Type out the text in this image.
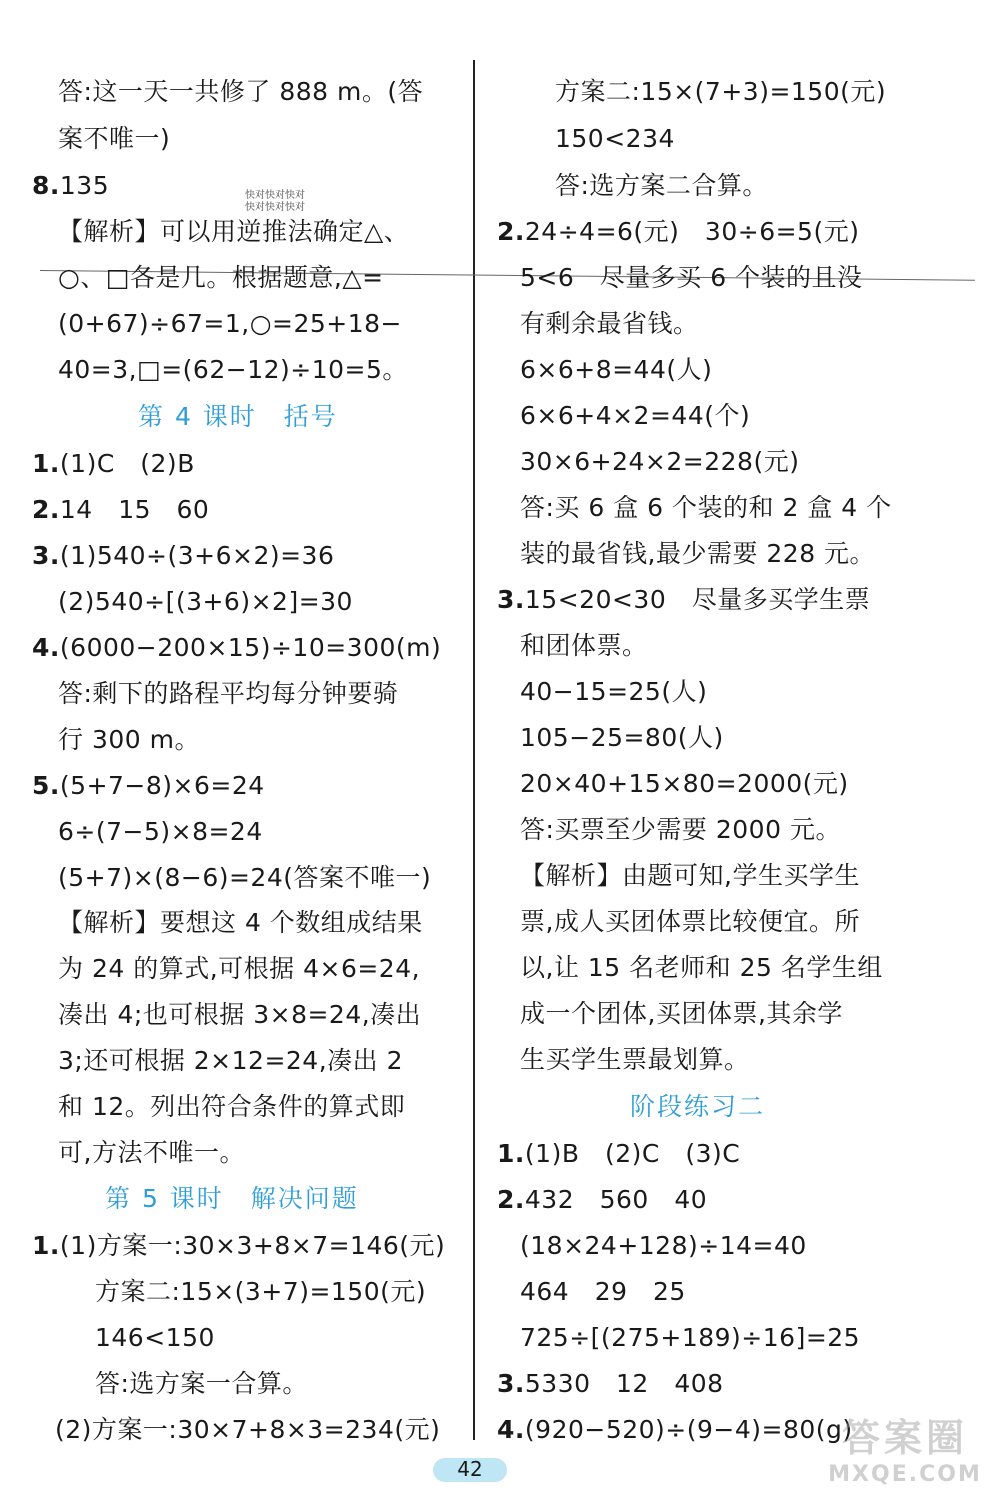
答:这一天一共修了 888 m。(答
案不唯一)
8.135
【解析】可以用逆推法确定△、
○、□各是几。根据题意,△=
(0+67)÷67=1,○=25+18−
40=3,□=(62−12)÷10=5。
第 4 课时　括号
1.(1)C　(2)B
2.14　15　60
3.(1)540÷(3+6×2)=36
(2)540÷[(3+6)×2]=30
4.(6000−200×15)÷10=300(m)
答:剩下的路程平均每分钟要骑
行 300 m。
5.(5+7−8)×6=24
6÷(7−5)×8=24
(5+7)×(8−6)=24(答案不唯一)
【解析】要想这 4 个数组成结果
为 24 的算式,可根据 4×6=24,
凑出 4;也可根据 3×8=24,凑出
3;还可根据 2×12=24,凑出 2
和 12。列出符合条件的算式即
可,方法不唯一。
第 5 课时　解决问题
1.(1)方案一:30×3+8×7=146(元)
方案二:15×(3+7)=150(元)
146<150
答:选方案一合算。
(2)方案一:30×7+8×3=234(元)
方案二:15×(7+3)=150(元)
150<234
答:选方案二合算。
2.24÷4=6(元)　30÷6=5(元)
5<6　尽量多买 6 个装的且没
有剩余最省钱。
6×6+8=44(人)
6×6+4×2=44(个)
30×6+24×2=228(元)
答:买 6 盒 6 个装的和 2 盒 4 个
装的最省钱,最少需要 228 元。
3.15<20<30　尽量多买学生票
和团体票。
40−15=25(人)
105−25=80(人)
20×40+15×80=2000(元)
答:买票至少需要 2000 元。
【解析】由题可知,学生买学生
票,成人买团体票比较便宜。所
以,让 15 名老师和 25 名学生组
成一个团体,买团体票,其余学
生买学生票最划算。
阶段练习二
1.(1)B　(2)C　(3)C
2.432　560　40
(18×24+128)÷14=40
464　29　25
725÷[(275+189)÷16]=25
3.5330　12　408
4.(920−520)÷(9−4)=80(g)
快对快对快对
快对快对快对
42
答案圈
MXQE.COM
